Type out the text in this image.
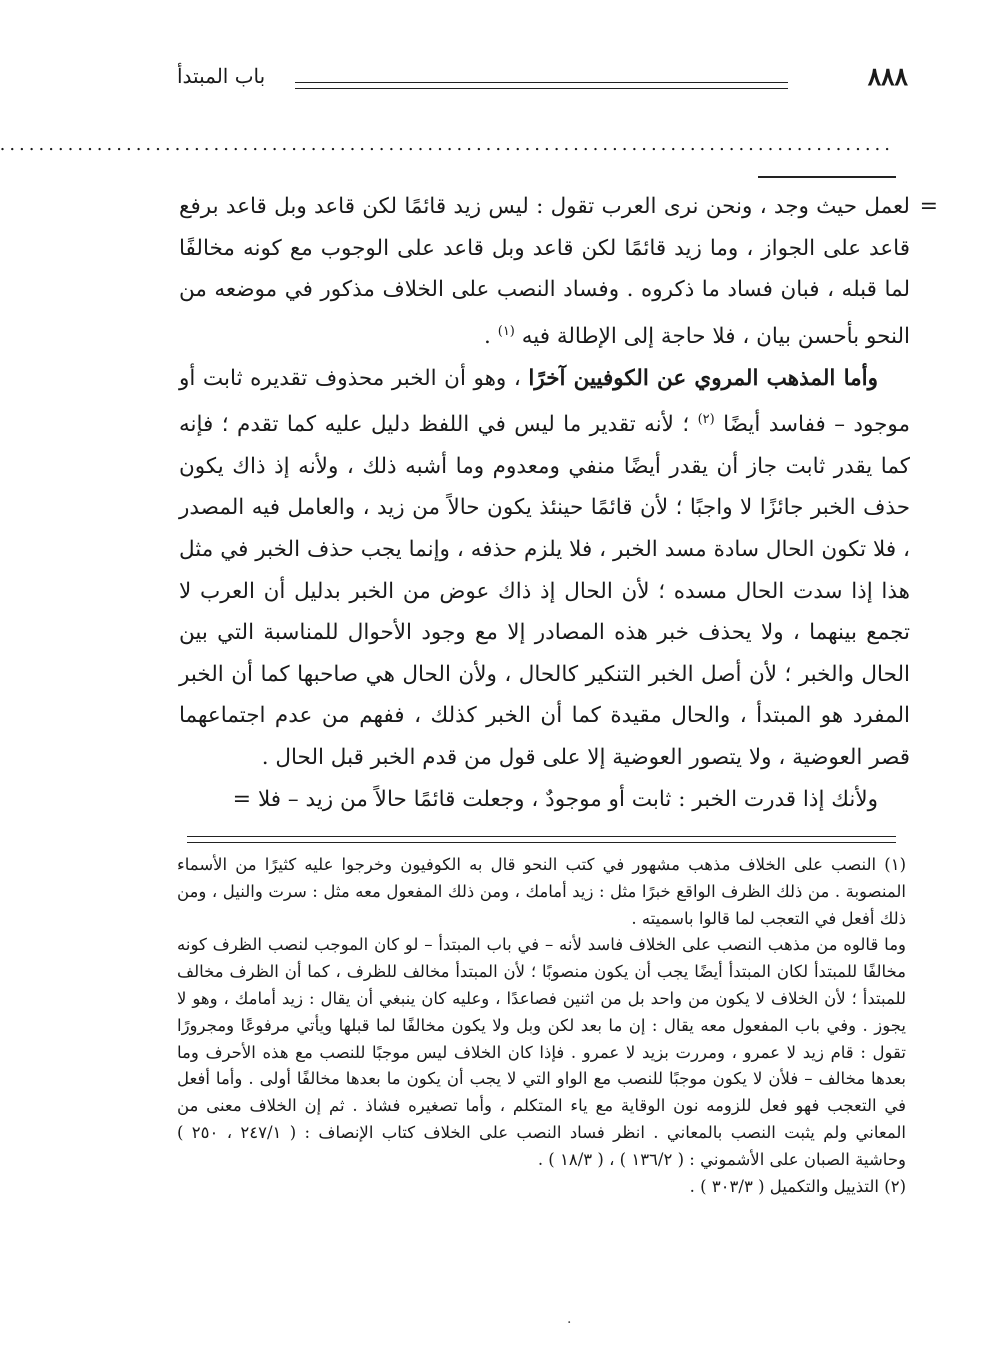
٨٨٨
باب المبتدأ
............................................................................................

=
لعمل حيث وجد ، ونحن نرى العرب تقول : ليس زيد قائمًا لكن قاعد وبل قاعد برفع قاعد على الجواز ، وما زيد قائمًا لكن قاعد وبل قاعد على الوجوب مع كونه مخالفًا لما قبله ، فبان فساد ما ذكروه . وفساد النصب على الخلاف مذكور في موضعه من النحو بأحسن بيان ، فلا حاجة إلى الإطالة فيه $^{(١)}$ .

وأما المذهب المروي عن الكوفيين آخرًا ، وهو أن الخبر محذوف تقديره ثابت أو موجود – ففاسد أيضًا $^{(٢)}$ ؛ لأنه تقدير ما ليس في اللفظ دليل عليه كما تقدم ؛ فإنه كما يقدر ثابت جاز أن يقدر أيضًا منفي ومعدوم وما أشبه ذلك ، ولأنه إذ ذاك يكون حذف الخبر جائزًا لا واجبًا ؛ لأن قائمًا حينئذ يكون حالاً من زيد ، والعامل فيه المصدر ، فلا تكون الحال سادة مسد الخبر ، فلا يلزم حذفه ، وإنما يجب حذف الخبر في مثل هذا إذا سدت الحال مسده ؛ لأن الحال إذ ذاك عوض من الخبر بدليل أن العرب لا تجمع بينهما ، ولا يحذف خبر هذه المصادر إلا مع وجود الأحوال للمناسبة التي بين الحال والخبر ؛ لأن أصل الخبر التنكير كالحال ، ولأن الحال هي صاحبها كما أن الخبر المفرد هو المبتدأ ، والحال مقيدة كما أن الخبر كذلك ، ففهم من عدم اجتماعهما قصر العوضية ، ولا يتصور العوضية إلا على قول من قدم الخبر قبل الحال .

ولأنك إذا قدرت الخبر : ثابت أو موجودٌ ، وجعلت قائمًا حالاً من زيد – فلا =

(١) النصب على الخلاف مذهب مشهور في كتب النحو قال به الكوفيون وخرجوا عليه كثيرًا من الأسماء المنصوبة . من ذلك الظرف الواقع خبرًا مثل : زيد أمامك ، ومن ذلك المفعول معه مثل : سرت والنيل ، ومن ذلك أفعل في التعجب لما قالوا باسميته .

وما قالوه من مذهب النصب على الخلاف فاسد لأنه – في باب المبتدأ – لو كان الموجب لنصب الظرف كونه مخالفًا للمبتدأ لكان المبتدأ أيضًا يجب أن يكون منصوبًا ؛ لأن المبتدأ مخالف للظرف ، كما أن الظرف مخالف للمبتدأ ؛ لأن الخلاف لا يكون من واحد بل من اثنين فصاعدًا ، وعليه كان ينبغي أن يقال : زيد أمامك ، وهو لا يجوز . وفي باب المفعول معه يقال : إن ما بعد لكن وبل ولا يكون مخالفًا لما قبلها ويأتي مرفوعًا ومجرورًا تقول : قام زيد لا عمرو ، ومررت بزيد لا عمرو . فإذا كان الخلاف ليس موجبًا للنصب مع هذه الأحرف وما بعدها مخالف – فلأن لا يكون موجبًا للنصب مع الواو التي لا يجب أن يكون ما بعدها مخالفًا أولى . وأما أفعل في التعجب فهو فعل للزومه نون الوقاية مع ياء المتكلم ، وأما تصغيره فشاذ . ثم إن الخلاف معنى من المعاني ولم يثبت النصب بالمعاني . انظر فساد النصب على الخلاف كتاب الإنصاف : ( ٢٤٧/١ ، ٢٥٠ ) وحاشية الصبان على الأشموني : ( ١٣٦/٢ ) ، ( ١٨/٣ ) .

(٢) التذييل والتكميل ( ٣٠٣/٣ ) .

·
